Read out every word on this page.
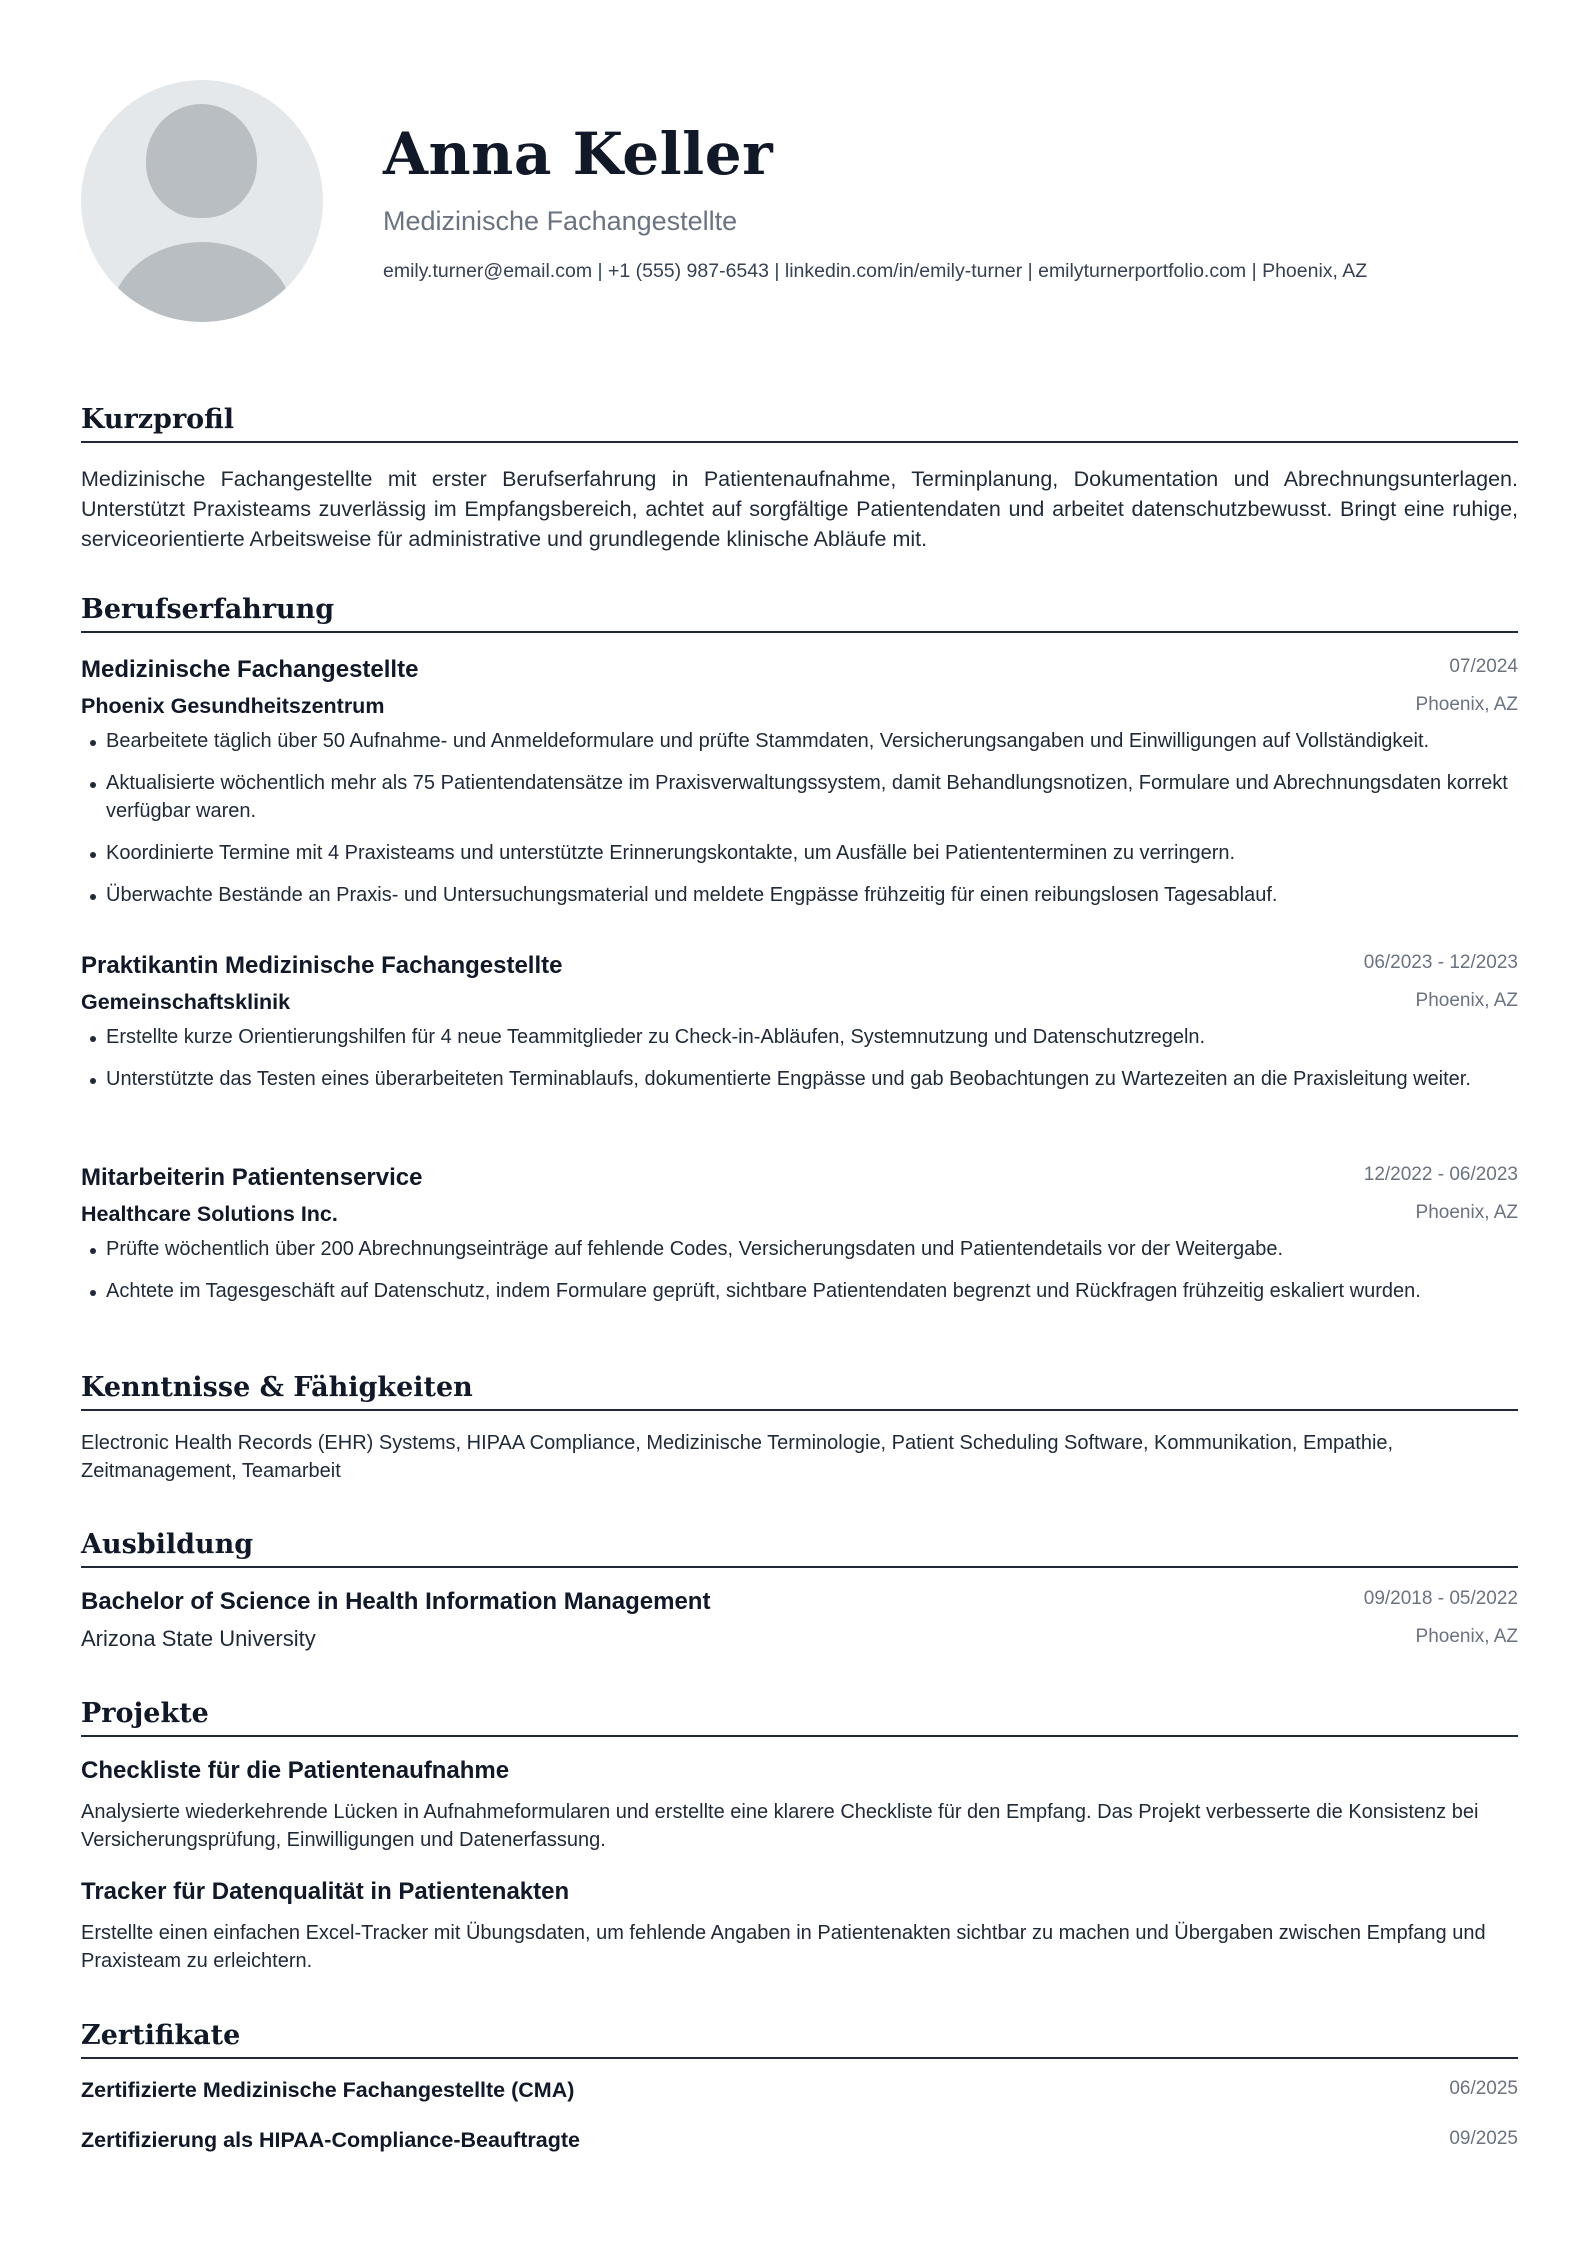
Anna Keller
Medizinische Fachangestellte
emily.turner@email.com | +1 (555) 987-6543 | linkedin.com/in/emily-turner | emilyturnerportfolio.com | Phoenix, AZ
Kurzprofil
Medizinische Fachangestellte mit erster Berufserfahrung in Patientenaufnahme, Terminplanung, Dokumentation und Abrechnungsunterlagen. Unterstützt Praxisteams zuverlässig im Empfangsbereich, achtet auf sorgfältige Patientendaten und arbeitet datenschutzbewusst. Bringt eine ruhige, serviceorientierte Arbeitsweise für administrative und grundlegende klinische Abläufe mit.
Berufserfahrung
Medizinische Fachangestellte	07/2024
Phoenix Gesundheitszentrum	Phoenix, AZ
Bearbeitete täglich über 50 Aufnahme- und Anmeldeformulare und prüfte Stammdaten, Versicherungsangaben und Einwilligungen auf Vollständigkeit.
Aktualisierte wöchentlich mehr als 75 Patientendatensätze im Praxisverwaltungssystem, damit Behandlungsnotizen, Formulare und Abrechnungsdaten korrekt verfügbar waren.
Koordinierte Termine mit 4 Praxisteams und unterstützte Erinnerungskontakte, um Ausfälle bei Patiententerminen zu verringern.
Überwachte Bestände an Praxis- und Untersuchungsmaterial und meldete Engpässe frühzeitig für einen reibungslosen Tagesablauf.
Praktikantin Medizinische Fachangestellte	06/2023 - 12/2023
Gemeinschaftsklinik	Phoenix, AZ
Erstellte kurze Orientierungshilfen für 4 neue Teammitglieder zu Check-in-Abläufen, Systemnutzung und Datenschutzregeln.
Unterstützte das Testen eines überarbeiteten Terminablaufs, dokumentierte Engpässe und gab Beobachtungen zu Wartezeiten an die Praxisleitung weiter.
Mitarbeiterin Patientenservice	12/2022 - 06/2023
Healthcare Solutions Inc.	Phoenix, AZ
Prüfte wöchentlich über 200 Abrechnungseinträge auf fehlende Codes, Versicherungsdaten und Patientendetails vor der Weitergabe.
Achtete im Tagesgeschäft auf Datenschutz, indem Formulare geprüft, sichtbare Patientendaten begrenzt und Rückfragen frühzeitig eskaliert wurden.
Kenntnisse & Fähigkeiten
Electronic Health Records (EHR) Systems, HIPAA Compliance, Medizinische Terminologie, Patient Scheduling Software, Kommunikation, Empathie, Zeitmanagement, Teamarbeit
Ausbildung
Bachelor of Science in Health Information Management	09/2018 - 05/2022
Arizona State University	Phoenix, AZ
Projekte
Checkliste für die Patientenaufnahme
Analysierte wiederkehrende Lücken in Aufnahmeformularen und erstellte eine klarere Checkliste für den Empfang. Das Projekt verbesserte die Konsistenz bei Versicherungsprüfung, Einwilligungen und Datenerfassung.
Tracker für Datenqualität in Patientenakten
Erstellte einen einfachen Excel-Tracker mit Übungsdaten, um fehlende Angaben in Patientenakten sichtbar zu machen und Übergaben zwischen Empfang und Praxisteam zu erleichtern.
Zertifikate
Zertifizierte Medizinische Fachangestellte (CMA)	06/2025
Zertifizierung als HIPAA-Compliance-Beauftragte	09/2025
